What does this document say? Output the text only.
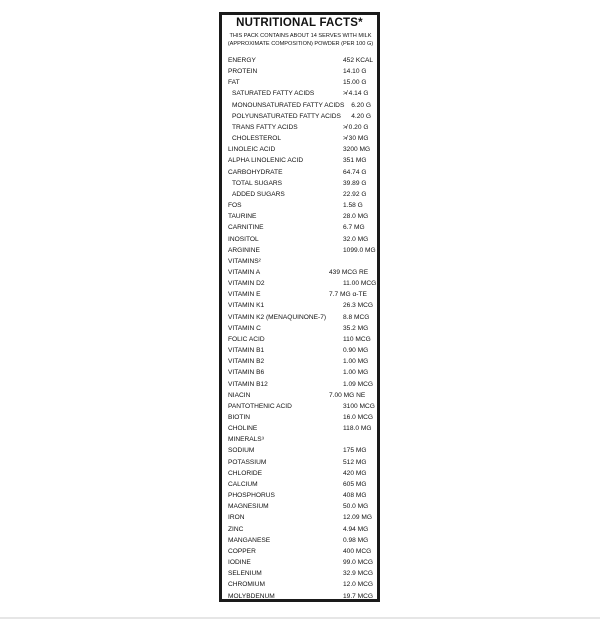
NUTRITIONAL FACTS*
THIS PACK CONTAINS ABOUT 14 SERVES WITH MILK
(APPROXIMATE COMPOSITION) POWDER (PER 100 G)
ENERGY	452 KCAL
PROTEIN	14.10 G
FAT	15.00 G
SATURATED FATTY ACIDS	≯ 4.14 G
MONOUNSATURATED FATTY ACIDS 6.20 G
POLYUNSATURATED FATTY ACIDS 4.20 G
TRANS FATTY ACIDS	≯ 0.20 G
CHOLESTEROL	≯ 30 MG
LINOLEIC ACID	3200 MG
ALPHA LINOLENIC ACID	351 MG
CARBOHYDRATE	64.74 G
TOTAL SUGARS	39.89 G
ADDED SUGARS	22.92 G
FOS	1.58 G
TAURINE	28.0 MG
CARNITINE	6.7 MG
INOSITOL	32.0 MG
ARGININE	1099.0 MG
VITAMINS²
VITAMIN A	439 MCG RE
VITAMIN D2	11.00 MCG
VITAMIN E	7.7 MG α-TE
VITAMIN K1	26.3 MCG
VITAMIN K2 (MENAQUINONE-7)	8.8 MCG
VITAMIN C	35.2 MG
FOLIC ACID	110 MCG
VITAMIN B1	0.90 MG
VITAMIN B2	1.00 MG
VITAMIN B6	1.00 MG
VITAMIN B12	1.09 MCG
NIACIN	7.00 MG NE
PANTOTHENIC ACID	3100 MCG
BIOTIN	16.0 MCG
CHOLINE	118.0 MG
MINERALS³
SODIUM	175 MG
POTASSIUM	512 MG
CHLORIDE	420 MG
CALCIUM	605 MG
PHOSPHORUS	408 MG
MAGNESIUM	50.0 MG
IRON	12.09 MG
ZINC	4.94 MG
MANGANESE	0.98 MG
COPPER	400 MCG
IODINE	99.0 MCG
SELENIUM	32.9 MCG
CHROMIUM	12.0 MCG
MOLYBDENUM	19.7 MCG
